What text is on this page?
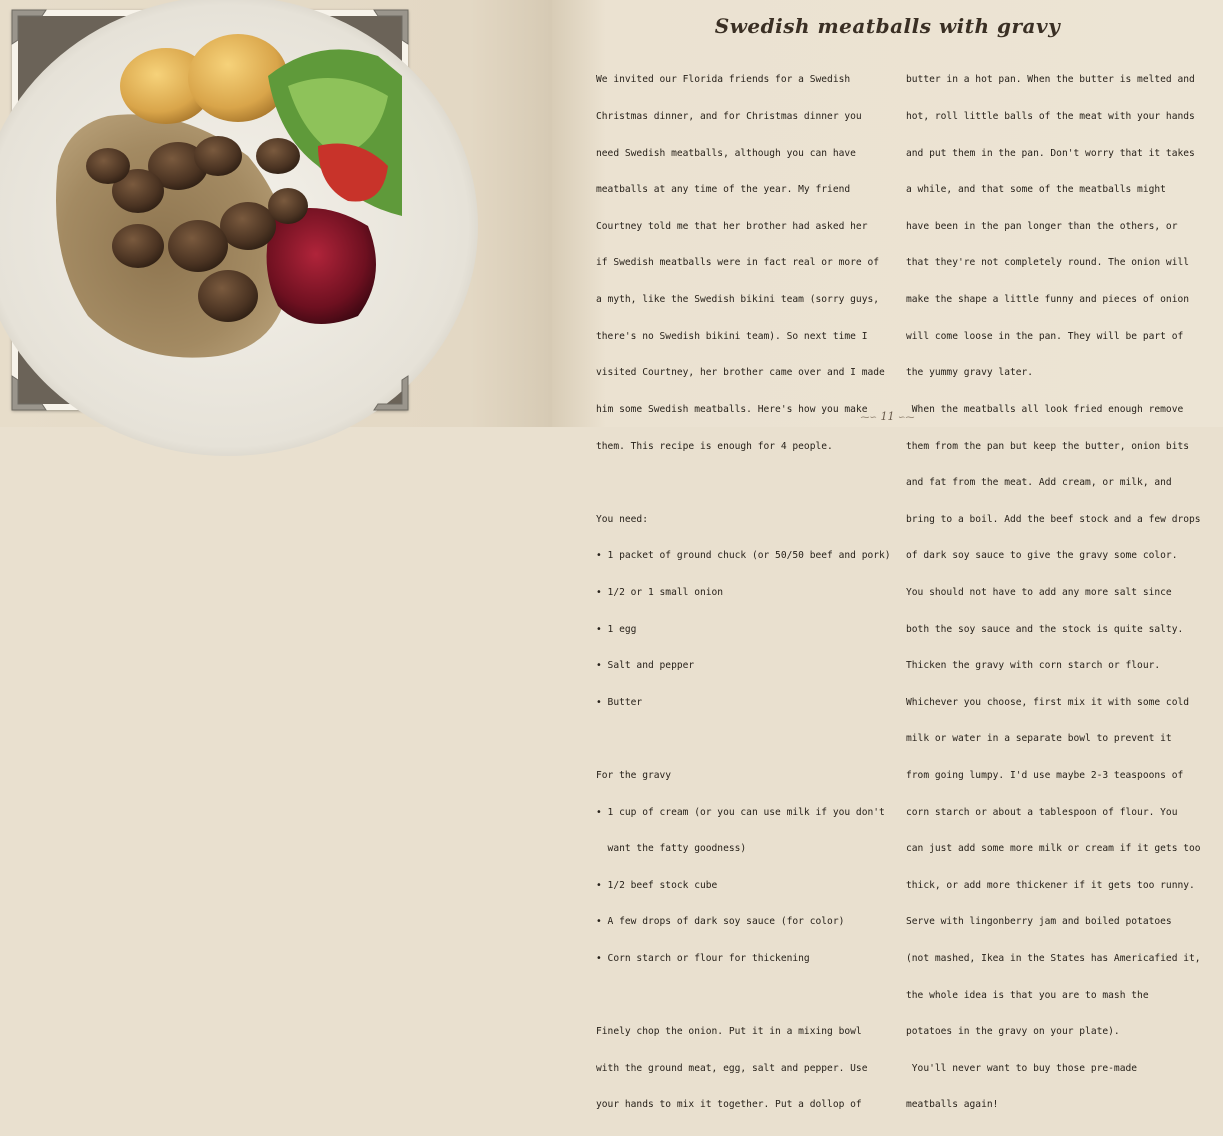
Swedish meatballs with gravy

We invited our Florida friends for a Swedish

Christmas dinner, and for Christmas dinner you

need Swedish meatballs, although you can have

meatballs at any time of the year. My friend

Courtney told me that her brother had asked her

if Swedish meatballs were in fact real or more of

a myth, like the Swedish bikini team (sorry guys,

there's no Swedish bikini team). So next time I

visited Courtney, her brother came over and I made

him some Swedish meatballs. Here's how you make

them. This recipe is enough for 4 people.

You need:

• 1 packet of ground chuck (or 50/50 beef and pork)

• 1/2 or 1 small onion

• 1 egg

• Salt and pepper

• Butter

For the gravy

• 1 cup of cream (or you can use milk if you don't

want the fatty goodness)

• 1/2 beef stock cube

• A few drops of dark soy sauce (for color)

• Corn starch or flour for thickening

Finely chop the onion. Put it in a mixing bowl

with the ground meat, egg, salt and pepper. Use

your hands to mix it together. Put a dollop of

butter in a hot pan. When the butter is melted and

hot, roll little balls of the meat with your hands

and put them in the pan. Don't worry that it takes

a while, and that some of the meatballs might

have been in the pan longer than the others, or

that they're not completely round. The onion will

make the shape a little funny and pieces of onion

will come loose in the pan. They will be part of

the yummy gravy later.

When the meatballs all look fried enough remove

them from the pan but keep the butter, onion bits

and fat from the meat. Add cream, or milk, and

bring to a boil. Add the beef stock and a few drops

of dark soy sauce to give the gravy some color.

You should not have to add any more salt since

both the soy sauce and the stock is quite salty.

Thicken the gravy with corn starch or flour.

Whichever you choose, first mix it with some cold

milk or water in a separate bowl to prevent it

from going lumpy. I'd use maybe 2-3 teaspoons of

corn starch or about a tablespoon of flour. You

can just add some more milk or cream if it gets too

thick, or add more thickener if it gets too runny.

Serve with lingonberry jam and boiled potatoes

(not mashed, Ikea in the States has Americafied it,

the whole idea is that you are to mash the

potatoes in the gravy on your plate).

You'll never want to buy those pre-made

meatballs again!

⁓∽ 11 ∽⁓
